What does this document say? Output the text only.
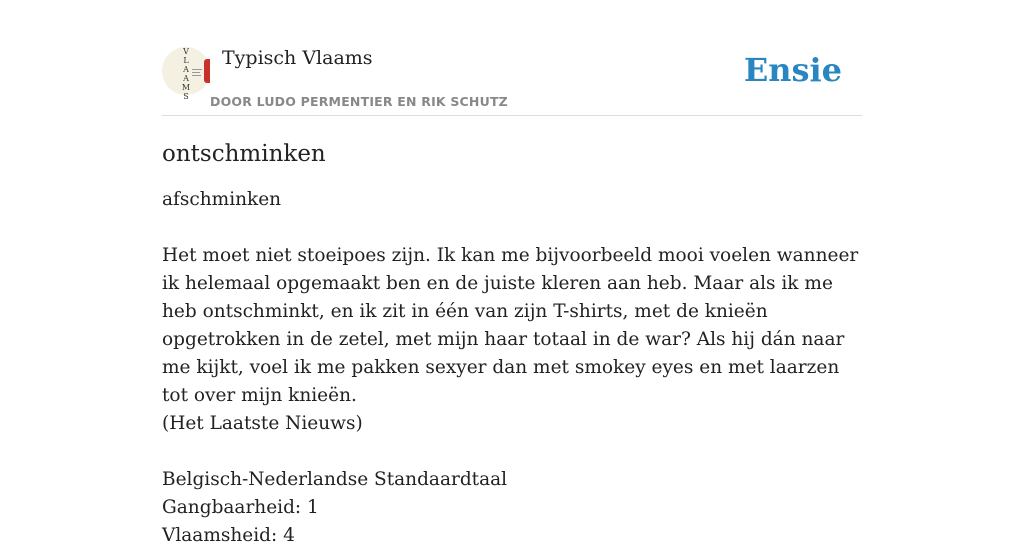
V
L
A
A
M
S
Typisch Vlaams
DOOR LUDO PERMENTIER EN RIK SCHUTZ
Ensie
ontschminken

afschminken

Het moet niet stoeipoes zijn. Ik kan me bijvoorbeeld mooi voelen wanneer ik helemaal opgemaakt ben en de juiste kleren aan heb. Maar als ik me heb ontschminkt, en ik zit in één van zijn T-shirts, met de knieën opgetrokken in de zetel, met mijn haar totaal in de war? Als hij dán naar me kijkt, voel ik me pakken sexyer dan met smokey eyes en met laarzen tot over mijn knieën.

(Het Laatste Nieuws)

Belgisch-Nederlandse Standaardtaal
Gangbaarheid: 1
Vlaamsheid: 4
